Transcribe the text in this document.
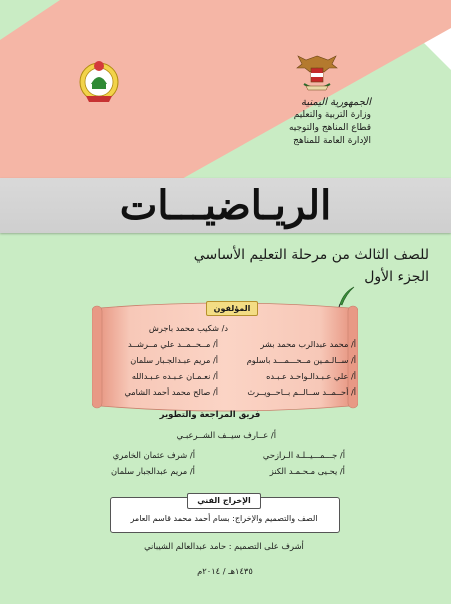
الجمهورية اليمنية
وزارة التربية والتعليم
قطاع المناهج والتوجيه
الإدارة العامة للمناهج
الريـاضيـــات
للصف الثالث من مرحلة التعليم الأساسي
الجزء الأول
المؤلفون
د/ شكيب محمد باجرش
أ/ محمد عبدالرب محمد بشر
أ/ مــحــمــد علي مــرشــد
أ/ ســالـمـين مــحـــمـــد باسلوم
أ/ مريم عبـدالجـبار سلمان
أ/ علي عـبـدالـواحـد عـبـده
أ/ نعـمـان عـبـده عـبـدالله
أ/ أحــمــد ســالــم بــاحــويــرث
أ/ صالح محمد أحمد الشامي
فريق المراجعة والتطوير
أ/ عــارف سيــف الشــرعبـي
أ/ جـــمـــيــلـة الـرازحي
أ/ شرف عثمان الخامري
أ/ يحـيى مـحـمـد الكنز
أ/ مريم عبدالجبار سلمان
الإخراج الفني
الصف والتصميم والإخراج: بسام أحمد محمد قاسم العامر
أشرف على التصميم : حامد عبدالعالم الشيباني
١٤٣٥هـ / ٢٠١٤م
